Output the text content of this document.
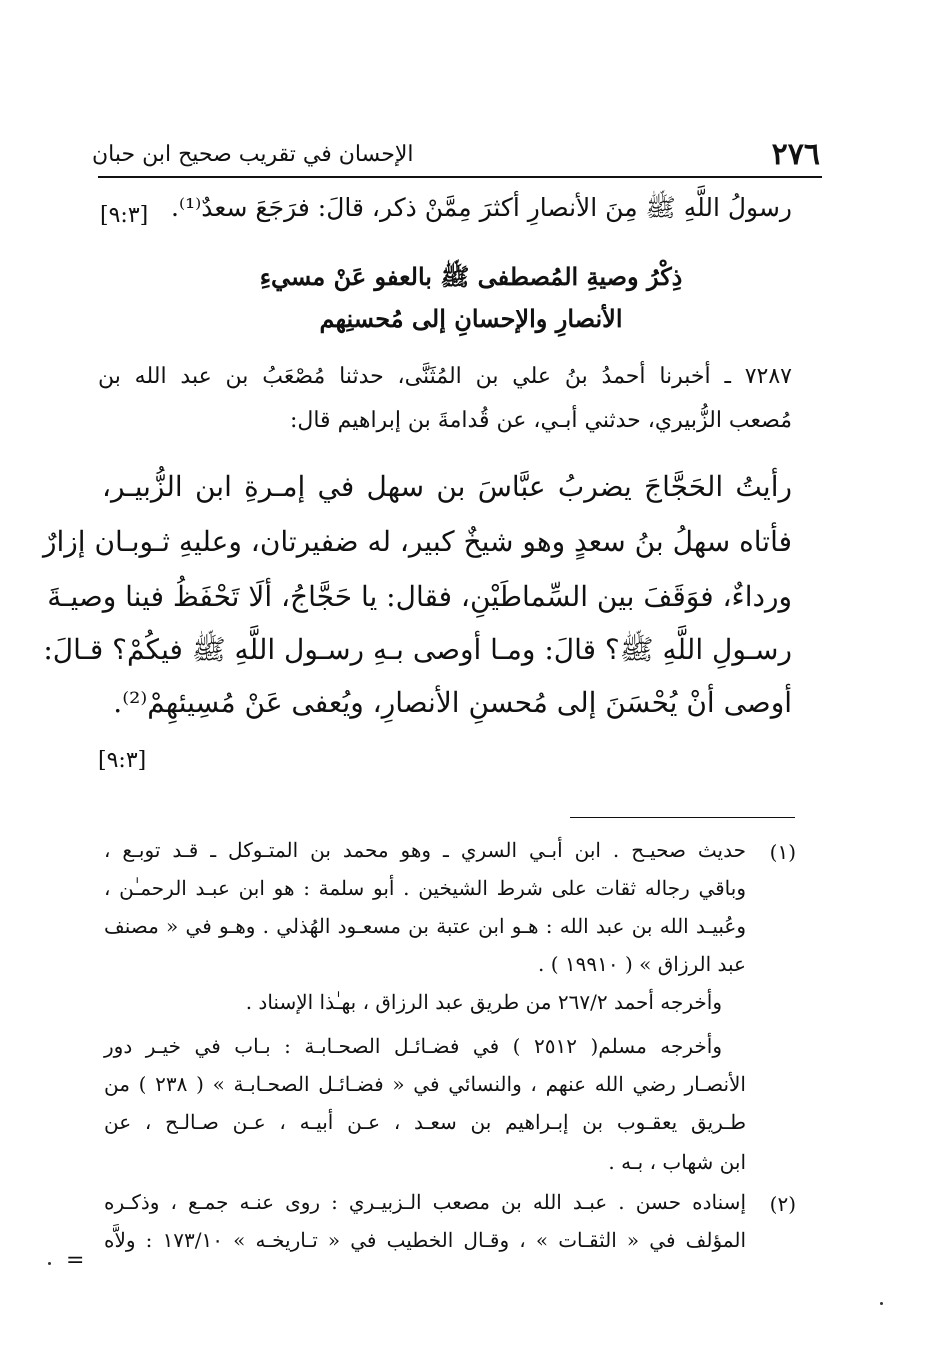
٢٧٦
الإحسان في تقريب صحيح ابن حبان
رسولُ اللَّهِ ﷺ مِنَ الأنصارِ أكثرَ مِمَّنْ ذكر، قالَ: فرَجَعَ سعدٌ⁽¹⁾.
[٩:٣]
ذِكْرُ وصيةِ المُصطفى ﷺ بالعفو عَنْ مسيءِ
الأنصارِ والإحسانِ إلى مُحسنِهم
٧٢٨٧ ـ أخبرنا أحمدُ بنُ علي بن المُثَنَّى، حدثنا مُصْعَبُ بن عبد الله بن
مُصعب الزُّبيري، حدثني أبـي، عن قُدامةَ بن إبراهيم قال:
رأيتُ الحَجَّاجَ يضربُ عبَّاسَ بن سهل في إمـرةِ ابن الزُّبيـر،
فأتاه سهلُ بنُ سعدٍ وهو شيخٌ كبير، له ضفيرتان، وعليهِ ثـوبـان إزارٌ
ورداءٌ، فوَقَفَ بين السِّماطَيْنِ، فقال: يا حَجَّاجُ، ألَا تَحْفَظُ فينا وصيـةَ
رسـولِ اللَّهِ ﷺ؟ قالَ: ومـا أوصى بـهِ رسـول اللَّهِ ﷺ فيكُمْ؟ قـالَ:
أوصى أنْ يُحْسَنَ إلى مُحسنِ الأنصارِ، ويُعفى عَنْ مُسِيئهِمْ⁽²⁾.
[٩:٣]
(١)
حديث صحيـح . ابن أبـي السري ـ وهو محمد بن المتـوكل ـ قـد توبـع ،
وباقي رجاله ثقات على شرط الشيخين . أبو سلمة : هو ابن عبـد الرحمـٰن ،
وعُبيـد الله بن عبد الله : هـو ابن عتبة بن مسعـود الهُذلي . وهـو في « مصنف
عبد الرزاق » ( ١٩٩١٠ ) .
وأخرجه أحمد ٢٦٧/٢ من طريق عبد الرزاق ، بهـٰذا الإسناد .
وأخرجه مسلم( ٢٥١٢ ) في فضـائـل الصحـابـة : بـاب في خيـر دور
الأنصـار رضي الله عنهم ، والنسائي في « فضـائـل الصحـابـة » ( ٢٣٨ ) من
طـريق يعقـوب بن إبـراهيم بن سعـد ، عـن أبيـه ، عـن صـالـح ، عن
ابن شهاب ، بـه .
(٢)
إسناده حسن . عبـد الله بن مصعب الـزبيـري : روى عنـه جمـع ، وذكـره
المؤلف في « الثقـات » ، وقـال الخطيب في « تـاريخـه » ١٧٣/١٠ : ولاَّه
=
